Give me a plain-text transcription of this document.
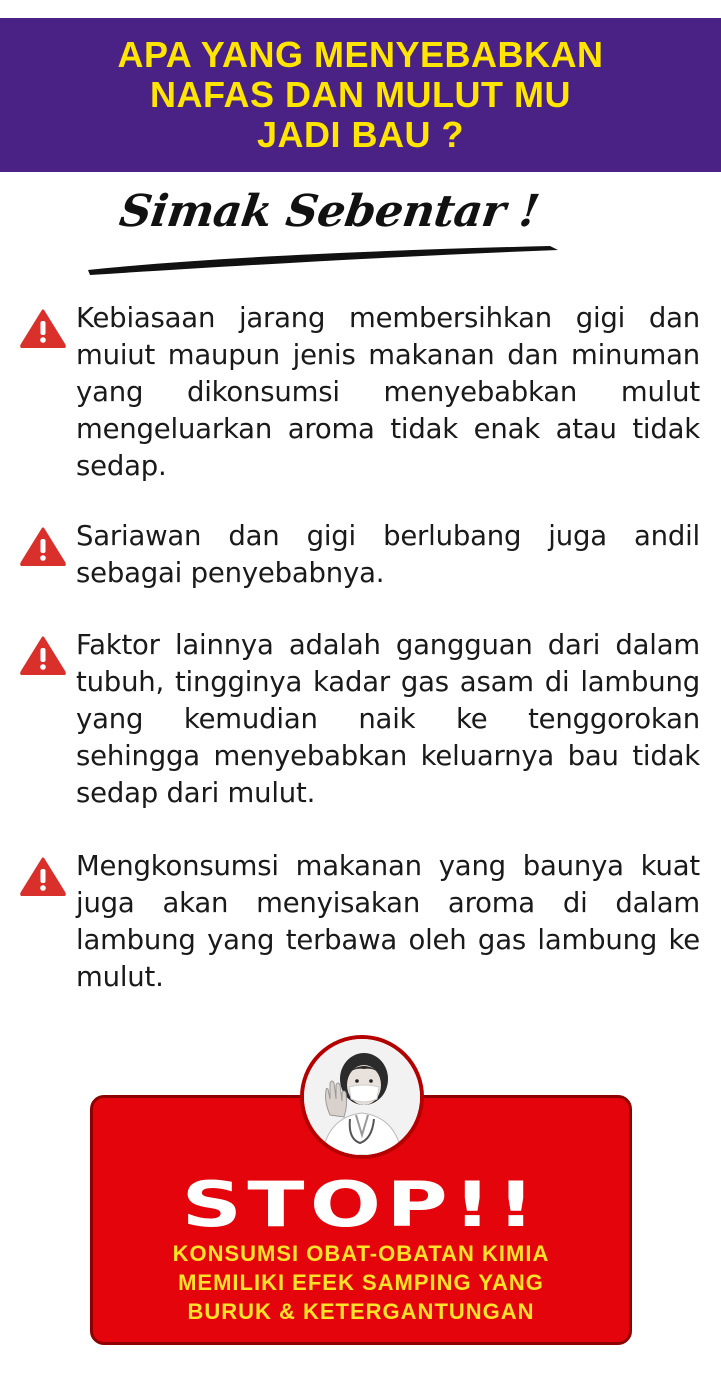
APA YANG MENYEBABKAN
NAFAS DAN MULUT MU
JADI BAU ?
Simak Sebentar !
Kebiasaan jarang membersihkan gigi dan muiut maupun jenis makanan dan minuman yang dikonsumsi menyebabkan mulut mengeluarkan aroma tidak enak atau tidak sedap.
Sariawan dan gigi berlubang juga andil sebagai penyebabnya.
Faktor lainnya adalah gangguan dari dalam tubuh, tingginya kadar gas asam di lambung yang kemudian naik ke tenggorokan sehingga menyebabkan keluarnya bau tidak sedap dari mulut.
Mengkonsumsi makanan yang baunya kuat juga akan menyisakan aroma di dalam lambung yang terbawa oleh gas lambung ke mulut.
STOP!!
KONSUMSI OBAT-OBATAN KIMIA
MEMILIKI EFEK SAMPING YANG
BURUK & KETERGANTUNGAN
